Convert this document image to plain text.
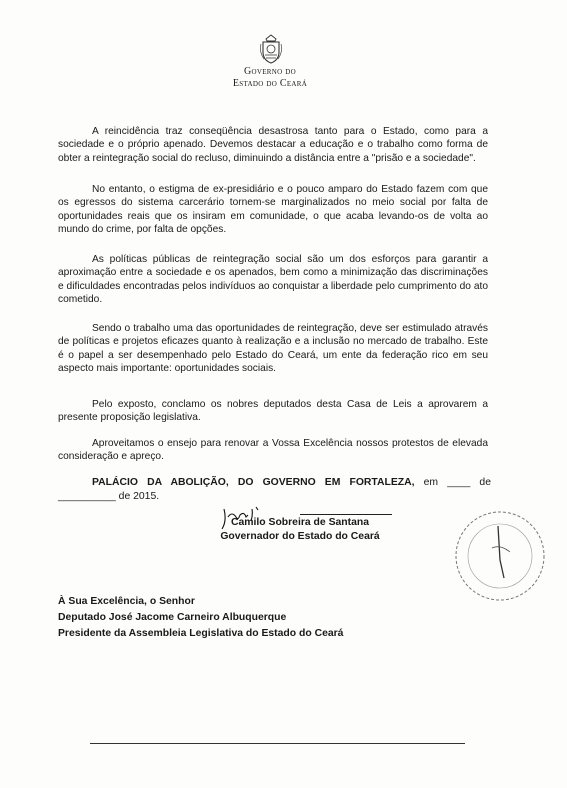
Governo do
Estado do Ceará
A reincidência traz conseqüência desastrosa tanto para o Estado, como para a sociedade e o próprio apenado. Devemos destacar a educação e o trabalho como forma de obter a reintegração social do recluso, diminuindo a distância entre a "prisão e a sociedade".
No entanto, o estigma de ex-presidiário e o pouco amparo do Estado fazem com que os egressos do sistema carcerário tornem-se marginalizados no meio social por falta de oportunidades reais que os insiram em comunidade, o que acaba levando-os de volta ao mundo do crime, por falta de opções.
As políticas públicas de reintegração social são um dos esforços para garantir a aproximação entre a sociedade e os apenados, bem como a minimização das discriminações e dificuldades encontradas pelos indivíduos ao conquistar a liberdade pelo cumprimento do ato cometido.
Sendo o trabalho uma das oportunidades de reintegração, deve ser estimulado através de políticas e projetos eficazes quanto à realização e a inclusão no mercado de trabalho. Este é o papel a ser desempenhado pelo Estado do Ceará, um ente da federação rico em seu aspecto mais importante: oportunidades sociais.
Pelo exposto, conclamo os nobres deputados desta Casa de Leis a aprovarem a presente proposição legislativa.
Aproveitamos o ensejo para renovar a Vossa Excelência nossos protestos de elevada consideração e apreço.
PALÁCIO DA ABOLIÇÃO, DO GOVERNO EM FORTALEZA, em ____ de __________ de 2015.
Camilo Sobreira de Santana
Governador do Estado do Ceará
À Sua Excelência, o Senhor
Deputado José Jacome Carneiro Albuquerque
Presidente da Assembleia Legislativa do Estado do Ceará
